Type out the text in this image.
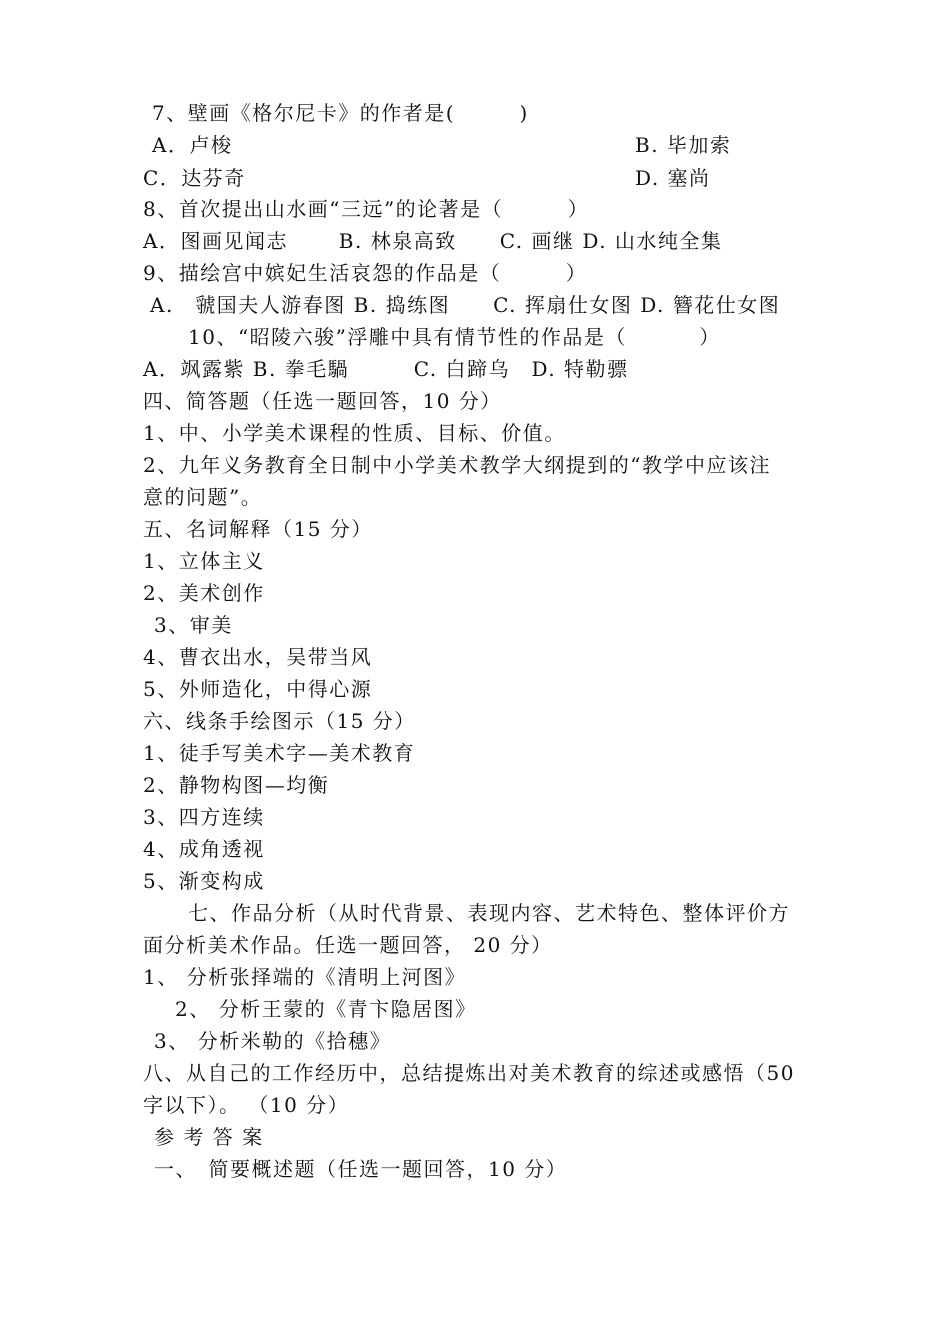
7、壁画《格尔尼卡》的作者是(　　　)
A．卢梭	B. 毕加索
C．达芬奇	D. 塞尚
8、首次提出山水画“三远”的论著是（　　　）
A．图画见闻志　　 B. 林泉高致　　C. 画继 D. 山水纯全集
9、描绘宫中嫔妃生活哀怨的作品是（　　　）
A.　虢国夫人游春图 B. 捣练图　　C. 挥扇仕女图 D. 簪花仕女图
10、“昭陵六骏”浮雕中具有情节性的作品是（　　　 ）
A．飒露紫 B. 拳毛騧　　　C. 白蹄乌　D. 特勒骠
四、简答题（任选一题回答，10 分）
1、中、小学美术课程的性质、目标、价值。
2、九年义务教育全日制中小学美术教学大纲提到的“教学中应该注
意的问题”。
五、名词解释（15 分）
1、立体主义
2、美术创作
3、审美
4、曹衣出水，吴带当风
5、外师造化，中得心源
六、线条手绘图示（15 分）
1、徒手写美术字—美术教育
2、静物构图—均衡
3、四方连续
4、成角透视
5、渐变构成
七、作品分析（从时代背景、表现内容、艺术特色、整体评价方
面分析美术作品。任选一题回答， 20 分）
1、 分析张择端的《清明上河图》
2、 分析王蒙的《青卞隐居图》
3、 分析米勒的《拾穗》
八、从自己的工作经历中，总结提炼出对美术教育的综述或感悟（50
字以下）。 （10 分）
参 考 答 案
一、　简要概述题（任选一题回答，10 分）
